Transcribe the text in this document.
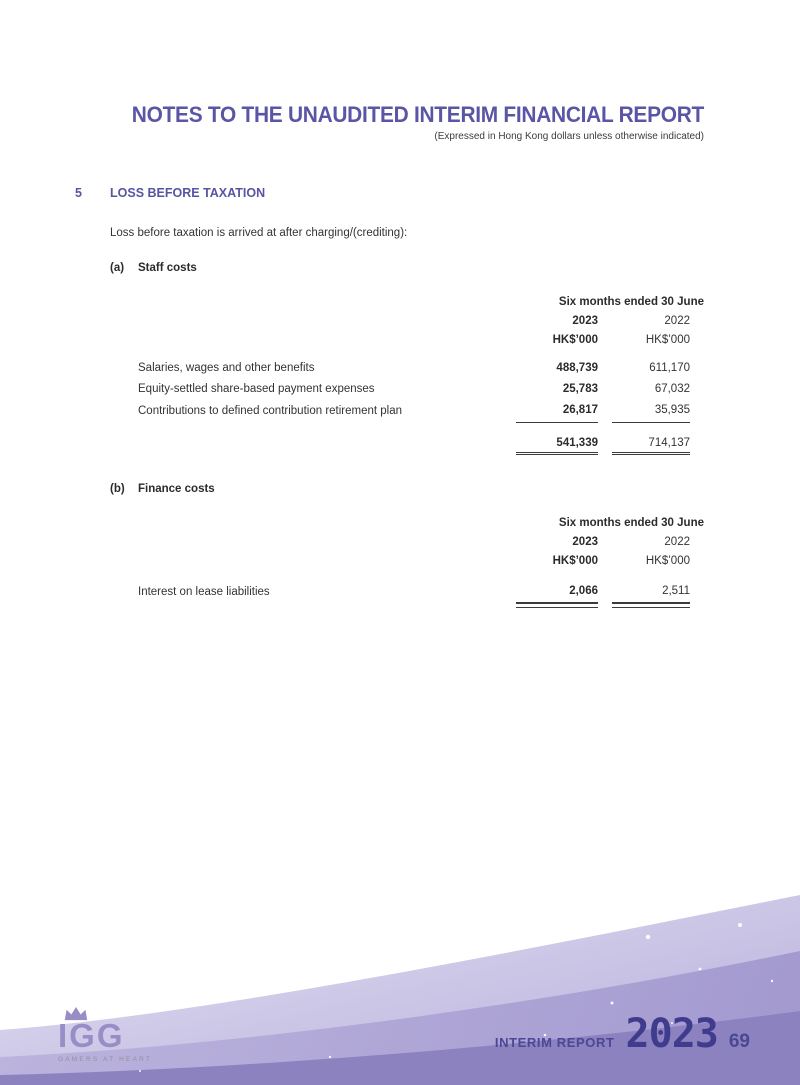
NOTES TO THE UNAUDITED INTERIM FINANCIAL REPORT
(Expressed in Hong Kong dollars unless otherwise indicated)
5	LOSS BEFORE TAXATION

Loss before taxation is arrived at after charging/(crediting):

(a)	Staff costs
Six months ended 30 June
2023	2022
HK$’000	HK$’000
Salaries, wages and other benefits	488,739	611,170
Equity-settled share-based payment expenses	25,783	67,032
Contributions to defined contribution retirement plan	26,817	35,935
541,339	714,137
(b)	Finance costs
Six months ended 30 June
2023	2022
HK$’000	HK$’000
Interest on lease liabilities	2,066	2,511
IGG
GAMERS AT HEART
INTERIM REPORT 2023 69
